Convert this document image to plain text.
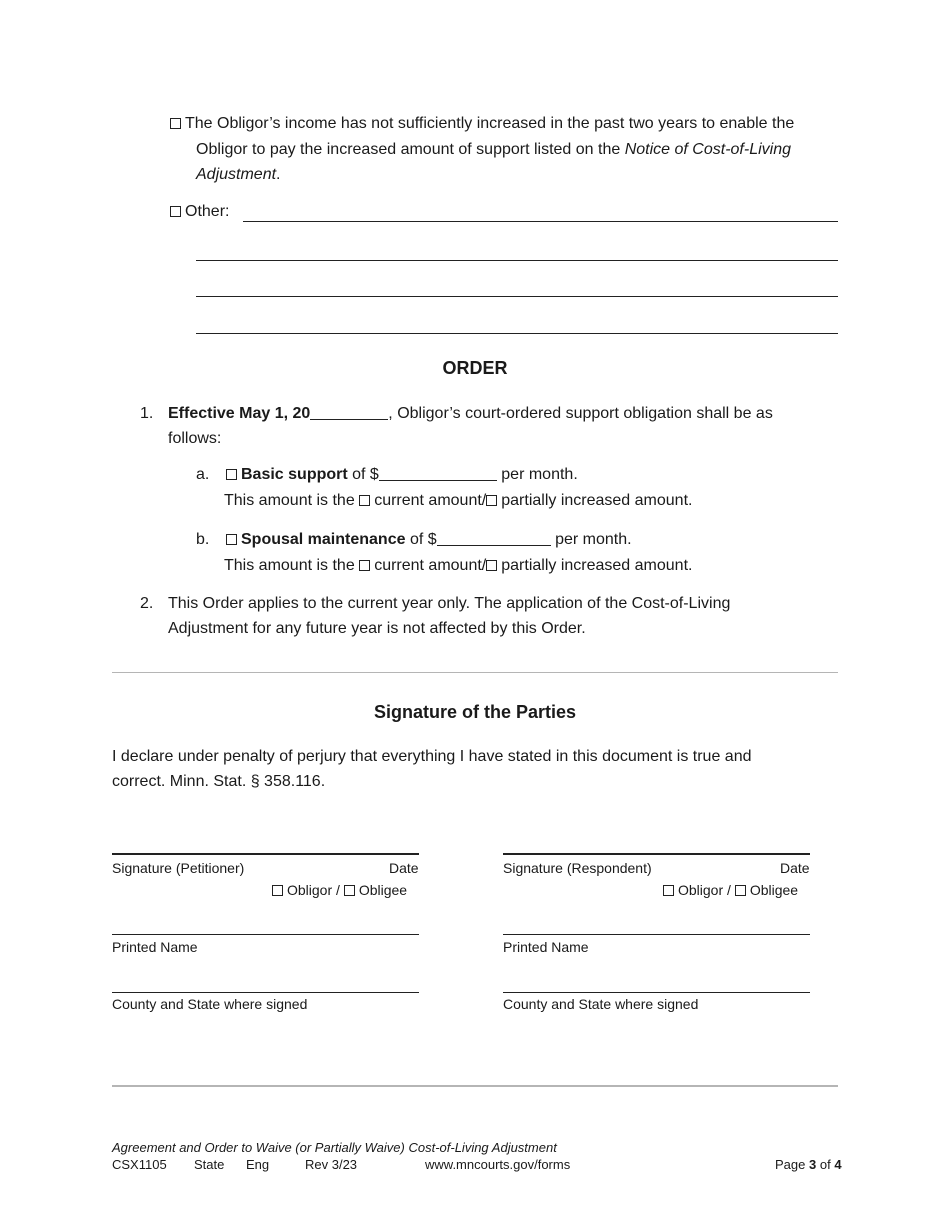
The Obligor’s income has not sufficiently increased in the past two years to enable the
Obligor to pay the increased amount of support listed on the Notice of Cost-of-Living
Adjustment.
Other:
ORDER
1. Effective May 1, 20	, Obligor’s court-ordered support obligation shall be as
follows:
a.	Basic support of $	per month.
This amount is the current amount/ partially increased amount.
b.	Spousal maintenance of $	per month.
This amount is the current amount/ partially increased amount.
2. This Order applies to the current year only. The application of the Cost-of-Living
Adjustment for any future year is not affected by this Order.
Signature of the Parties
I declare under penalty of perjury that everything I have stated in this document is true and
correct. Minn. Stat. § 358.116.
Signature (Petitioner)	Date
Obligor / Obligee
Printed Name
County and State where signed
Signature (Respondent)	Date
Obligor / Obligee
Printed Name
County and State where signed
Agreement and Order to Waive (or Partially Waive) Cost-of-Living Adjustment
CSX1105 State Eng	Rev 3/23	www.mncourts.gov/forms	Page 3 of 4
